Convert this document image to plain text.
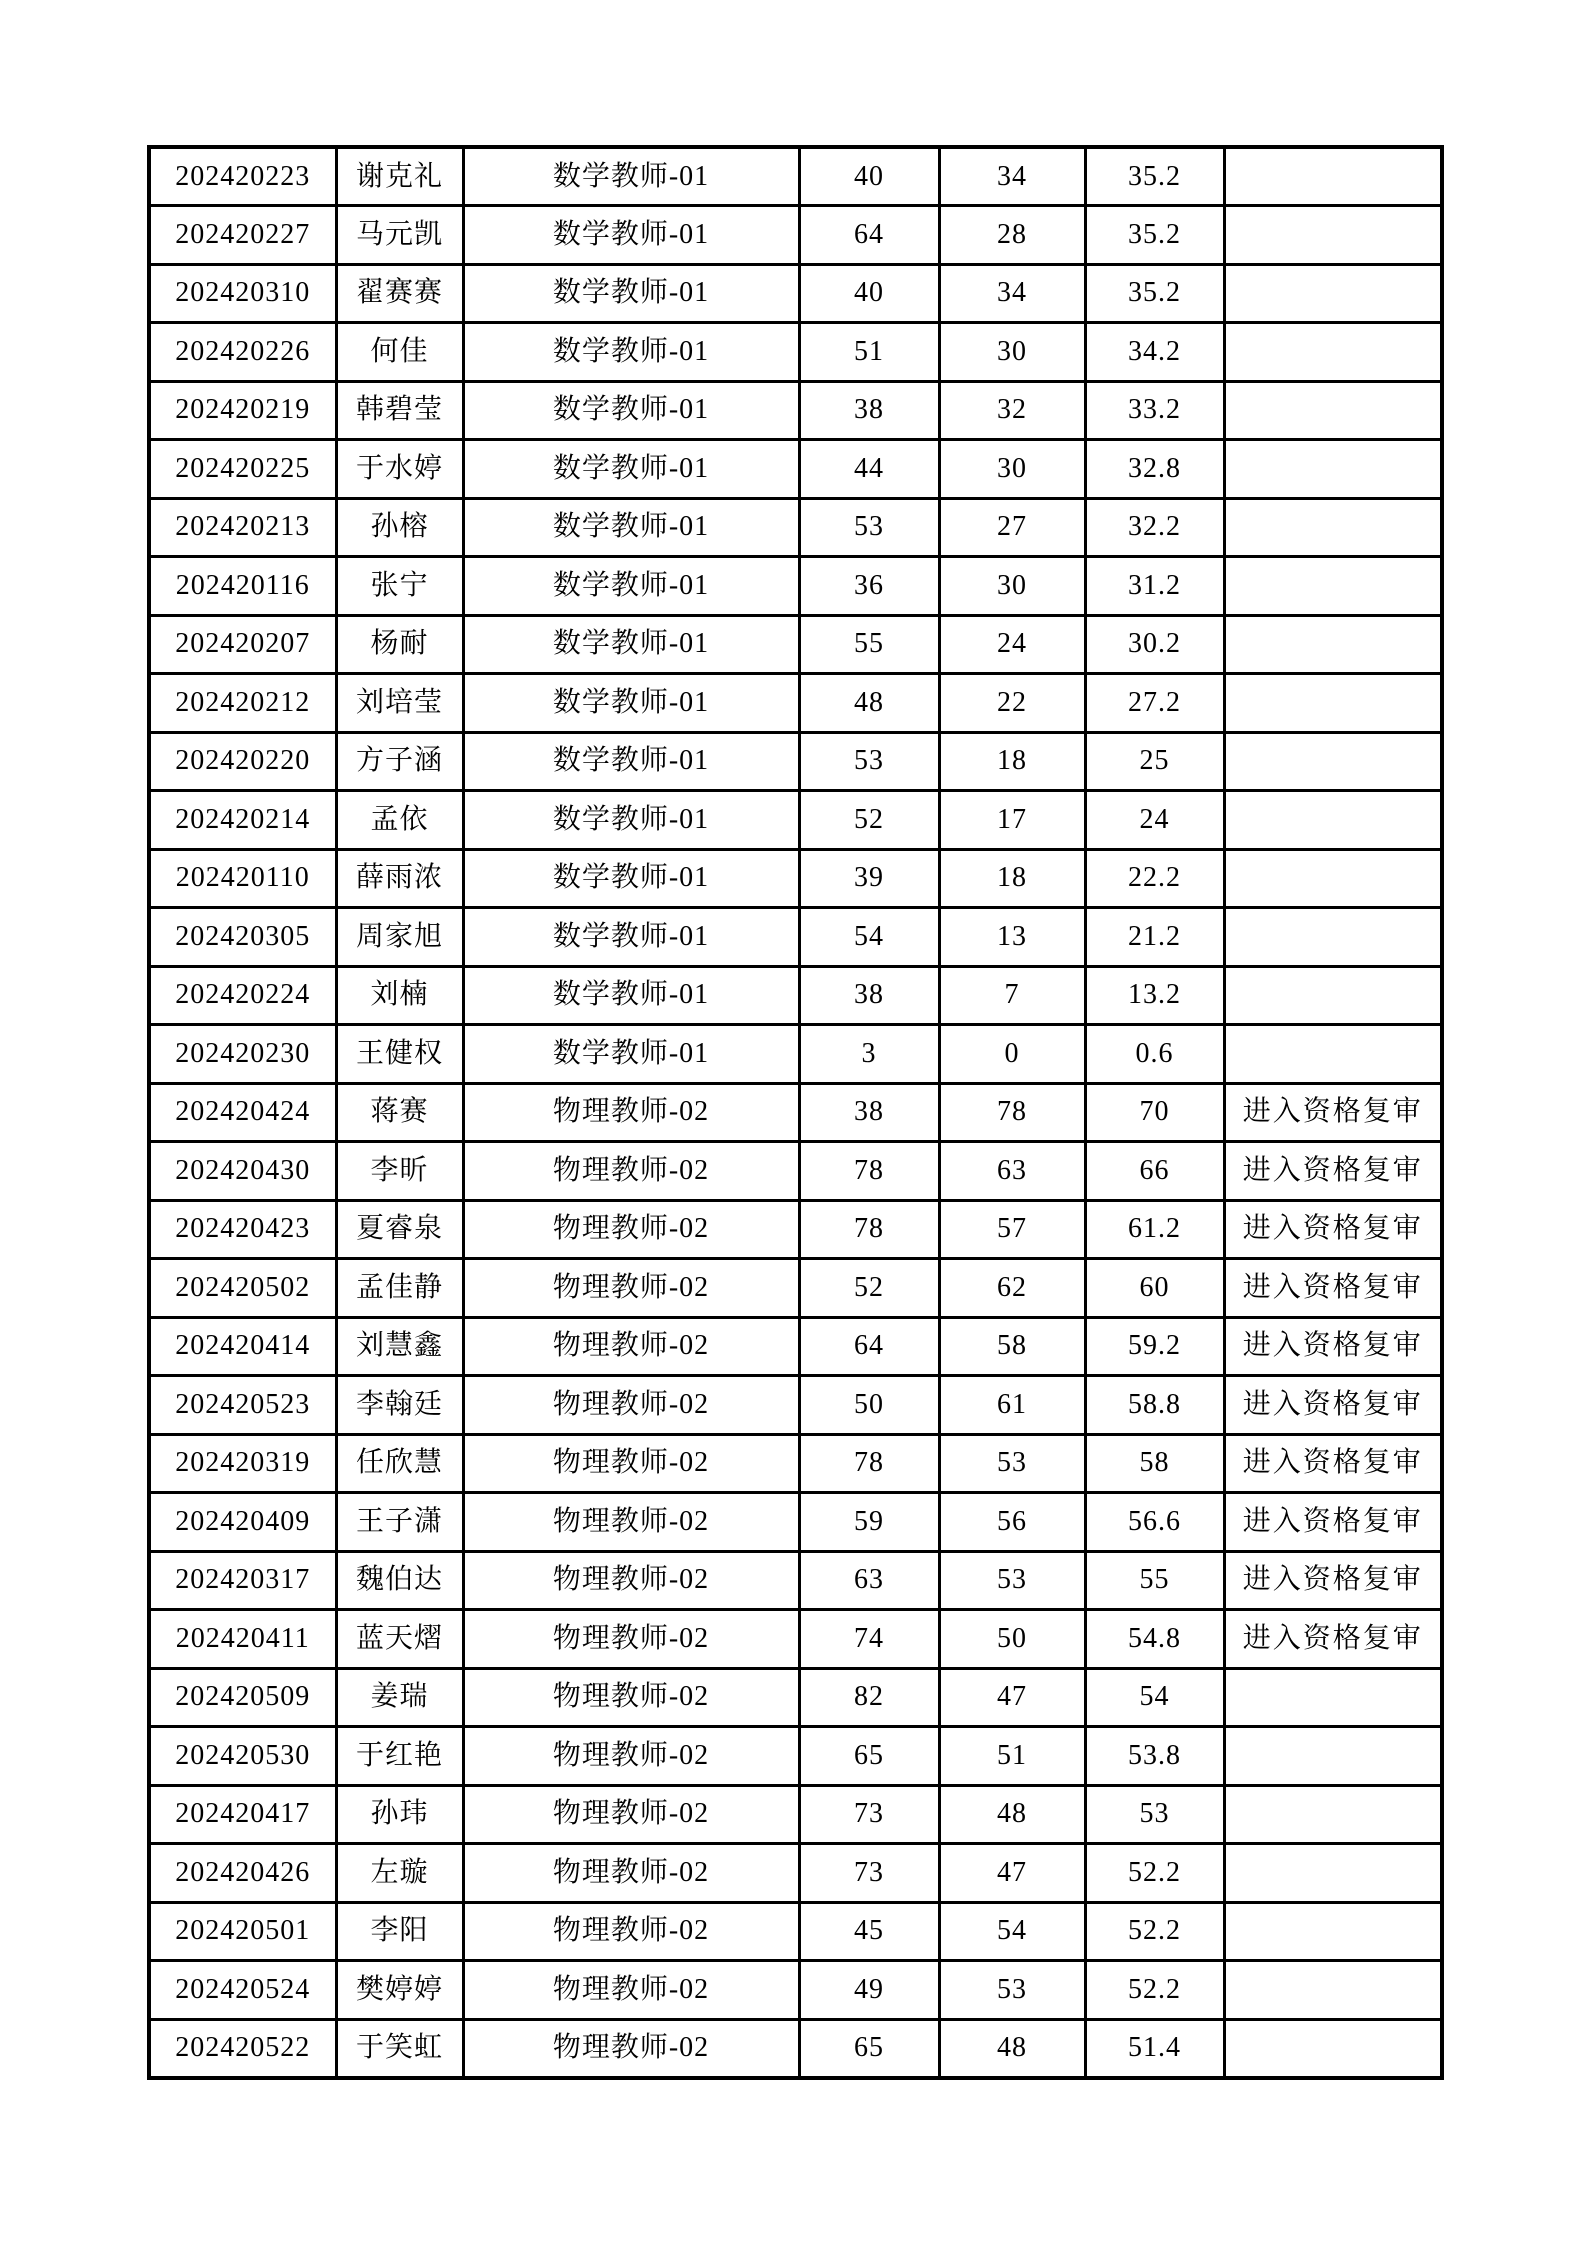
202420223	谢克礼	数学教师-01	40	34	35.2	
202420227	马元凯	数学教师-01	64	28	35.2	
202420310	翟赛赛	数学教师-01	40	34	35.2	
202420226	何佳	数学教师-01	51	30	34.2	
202420219	韩碧莹	数学教师-01	38	32	33.2	
202420225	于水婷	数学教师-01	44	30	32.8	
202420213	孙榕	数学教师-01	53	27	32.2	
202420116	张宁	数学教师-01	36	30	31.2	
202420207	杨耐	数学教师-01	55	24	30.2	
202420212	刘培莹	数学教师-01	48	22	27.2	
202420220	方子涵	数学教师-01	53	18	25	
202420214	孟依	数学教师-01	52	17	24	
202420110	薛雨浓	数学教师-01	39	18	22.2	
202420305	周家旭	数学教师-01	54	13	21.2	
202420224	刘楠	数学教师-01	38	7	13.2	
202420230	王健权	数学教师-01	3	0	0.6	
202420424	蒋赛	物理教师-02	38	78	70	进入资格复审
202420430	李昕	物理教师-02	78	63	66	进入资格复审
202420423	夏睿泉	物理教师-02	78	57	61.2	进入资格复审
202420502	孟佳静	物理教师-02	52	62	60	进入资格复审
202420414	刘慧鑫	物理教师-02	64	58	59.2	进入资格复审
202420523	李翰廷	物理教师-02	50	61	58.8	进入资格复审
202420319	任欣慧	物理教师-02	78	53	58	进入资格复审
202420409	王子潇	物理教师-02	59	56	56.6	进入资格复审
202420317	魏伯达	物理教师-02	63	53	55	进入资格复审
202420411	蓝天熠	物理教师-02	74	50	54.8	进入资格复审
202420509	姜瑞	物理教师-02	82	47	54	
202420530	于红艳	物理教师-02	65	51	53.8	
202420417	孙玮	物理教师-02	73	48	53	
202420426	左璇	物理教师-02	73	47	52.2	
202420501	李阳	物理教师-02	45	54	52.2	
202420524	樊婷婷	物理教师-02	49	53	52.2	
202420522	于笑虹	物理教师-02	65	48	51.4	
